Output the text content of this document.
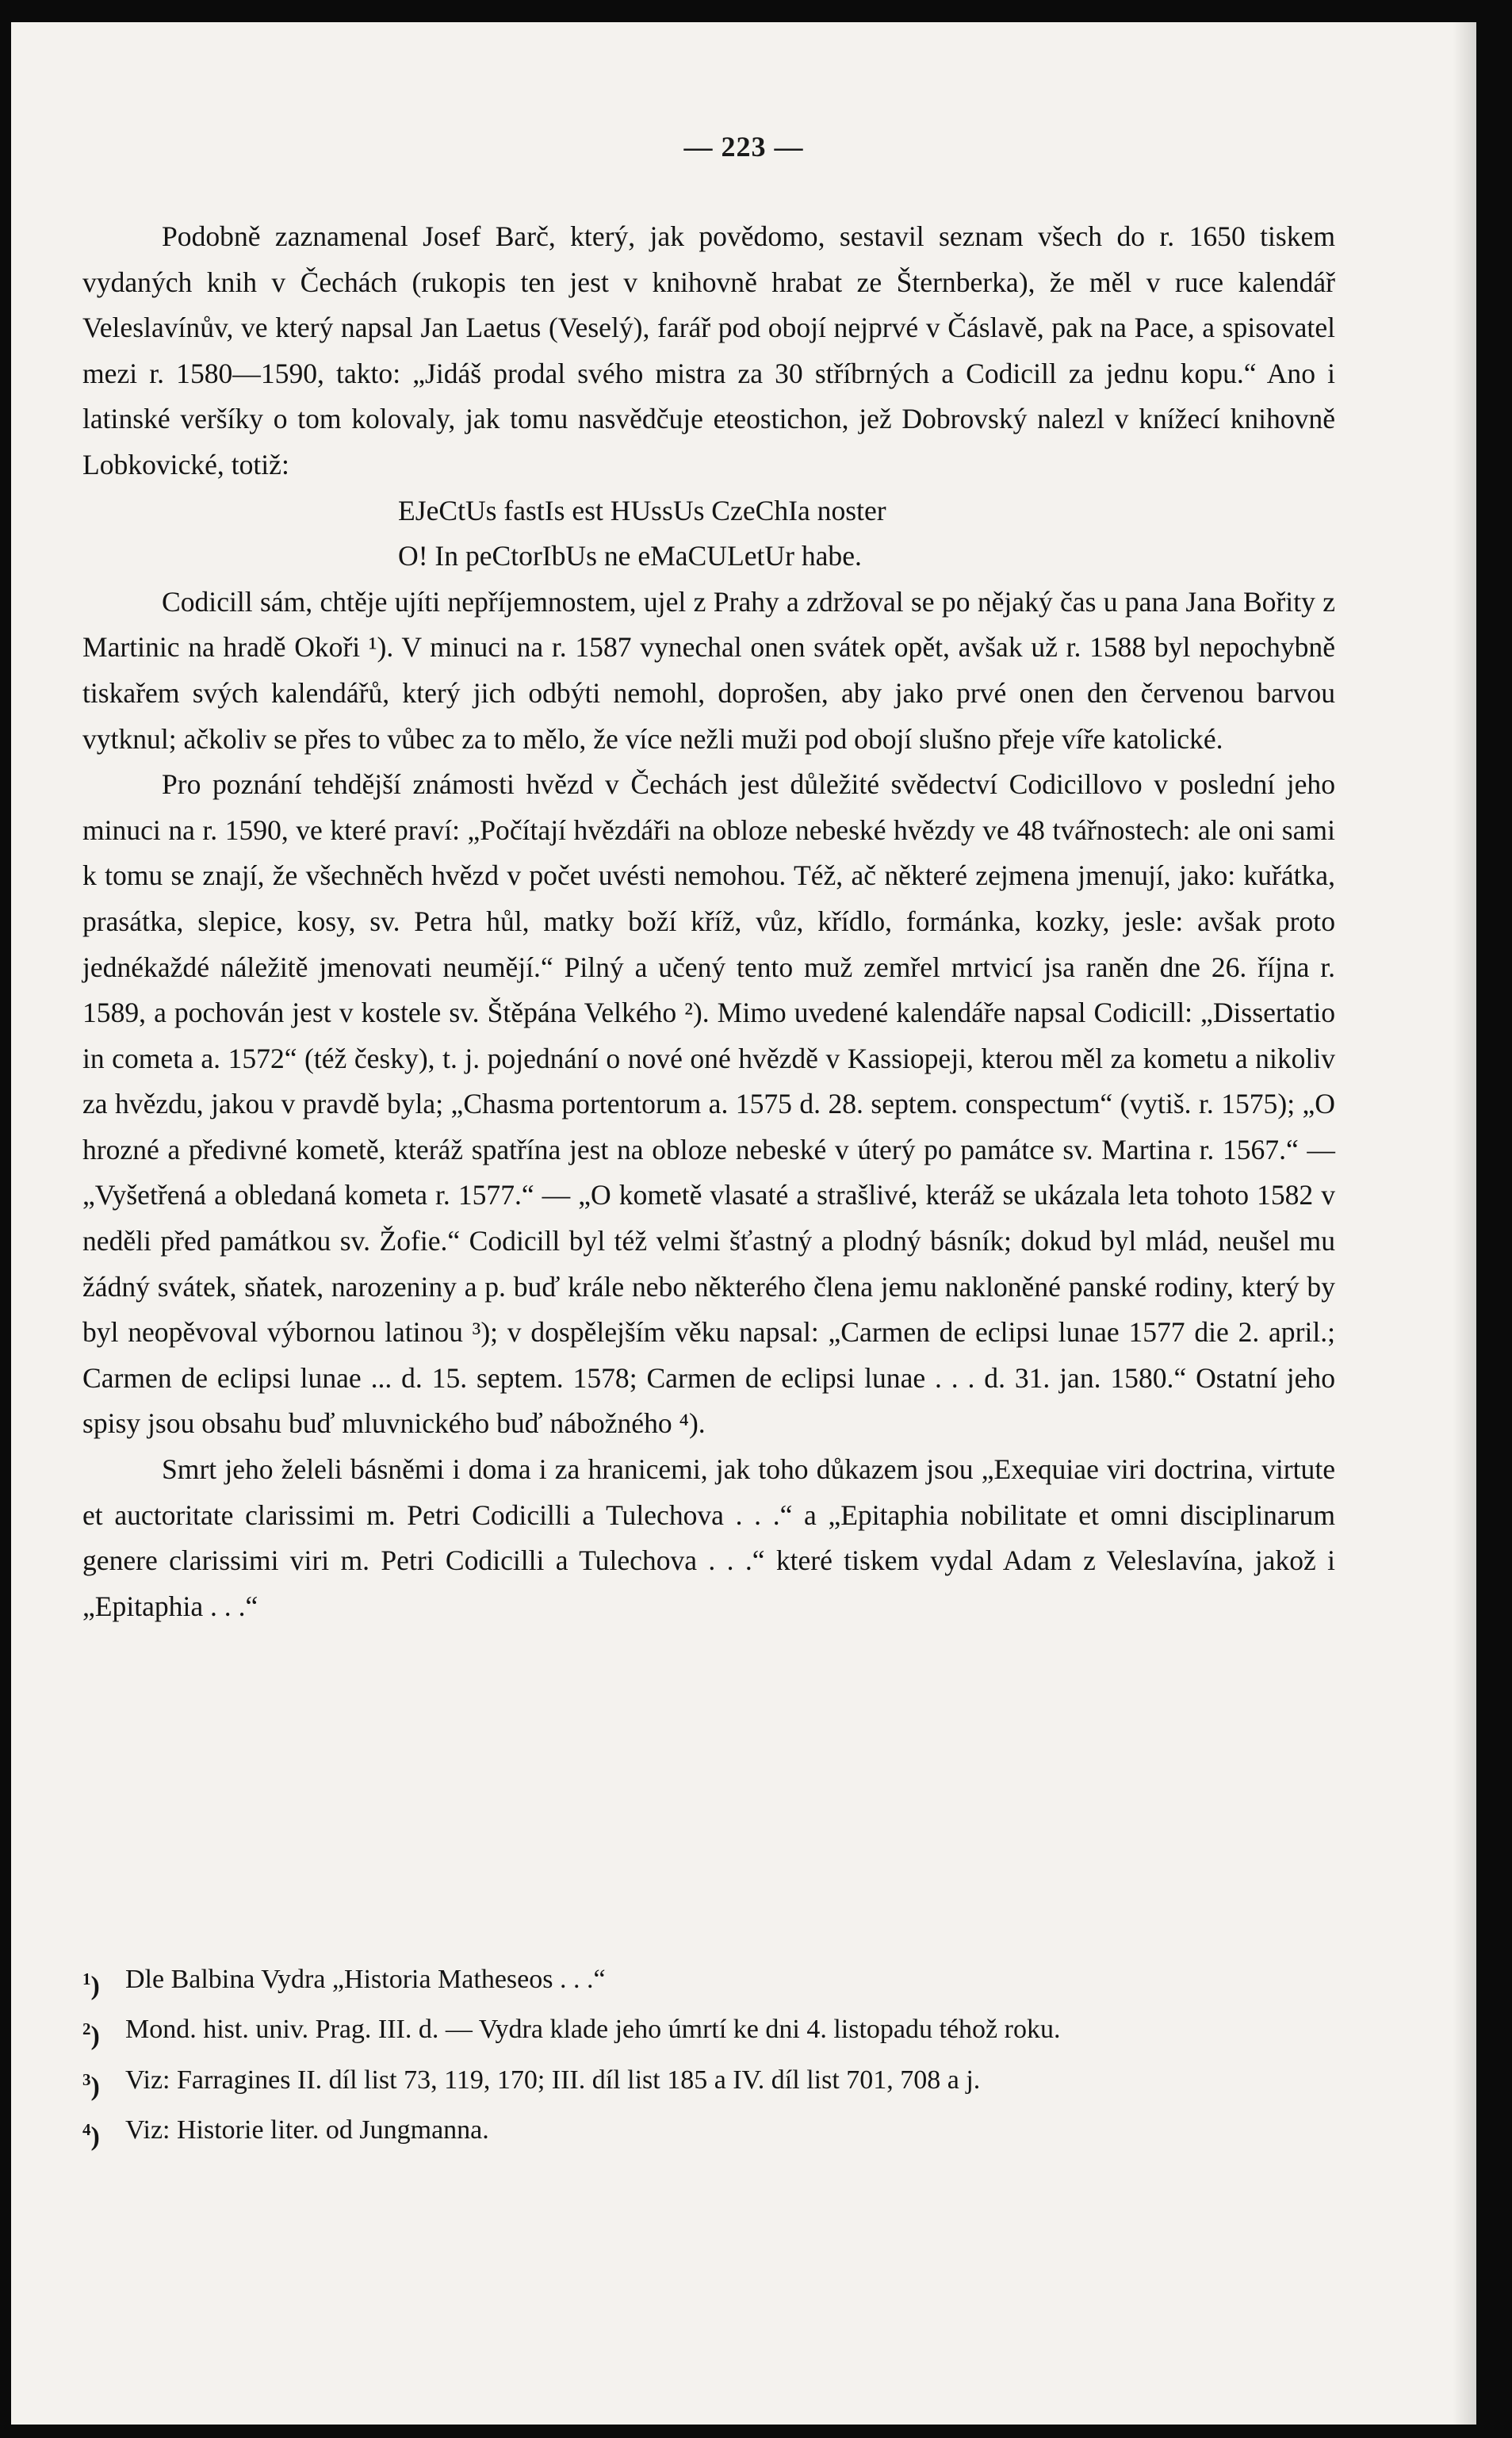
— 223 —

Podobně zaznamenal Josef Barč, který, jak povědomo, sestavil seznam všech do r. 1650 tiskem vydaných knih v Čechách (rukopis ten jest v knihovně hrabat ze Šternberka), že měl v ruce kalendář Veleslavínův, ve který napsal Jan Laetus (Veselý), farář pod obojí nejprvé v Čáslavě, pak na Pace, a spisovatel mezi r. 1580—1590, takto: „Jidáš prodal svého mistra za 30 stříbrných a Codicill za jednu kopu.“ Ano i latinské veršíky o tom kolovaly, jak tomu nasvědčuje eteostichon, jež Dobrovský nalezl v knížecí knihovně Lobkovické, totiž:

EJeCtUs fastIs est HUssUs CzeChIa noster

O! In peCtorIbUs ne eMaCULetUr habe.

Codicill sám, chtěje ujíti nepříjemnostem, ujel z Prahy a zdržoval se po nějaký čas u pana Jana Bořity z Martinic na hradě Okoři ¹). V minuci na r. 1587 vynechal onen svátek opět, avšak už r. 1588 byl nepochybně tiskařem svých kalendářů, který jich odbýti nemohl, doprošen, aby jako prvé onen den červenou barvou vytknul; ačkoliv se přes to vůbec za to mělo, že více nežli muži pod obojí slušno přeje víře katolické.

Pro poznání tehdější známosti hvězd v Čechách jest důležité svědectví Codicillovo v poslední jeho minuci na r. 1590, ve které praví: „Počítají hvězdáři na obloze nebeské hvězdy ve 48 tvářnostech: ale oni sami k tomu se znají, že všechněch hvězd v počet uvésti nemohou. Též, ač některé zejmena jmenují, jako: kuřátka, prasátka, slepice, kosy, sv. Petra hůl, matky boží kříž, vůz, křídlo, formánka, kozky, jesle: avšak proto jednékaždé náležitě jmenovati neumějí.“ Pilný a učený tento muž zemřel mrtvicí jsa raněn dne 26. října r. 1589, a pochován jest v kostele sv. Štěpána Velkého ²). Mimo uvedené kalendáře napsal Codicill: „Dissertatio in cometa a. 1572“ (též česky), t. j. pojednání o nové oné hvězdě v Kassiopeji, kterou měl za kometu a nikoliv za hvězdu, jakou v pravdě byla; „Chasma portentorum a. 1575 d. 28. septem. conspectum“ (vytiš. r. 1575); „O hrozné a předivné kometě, kteráž spatřína jest na obloze nebeské v úterý po památce sv. Martina r. 1567.“ — „Vyšetřená a obledaná kometa r. 1577.“ — „O kometě vlasaté a strašlivé, kteráž se ukázala leta tohoto 1582 v neděli před památkou sv. Žofie.“ Codicill byl též velmi šťastný a plodný básník; dokud byl mlád, neušel mu žádný svátek, sňatek, narozeniny a p. buď krále nebo některého člena jemu nakloněné panské rodiny, který by byl neopěvoval výbornou latinou ³); v dospělejším věku napsal: „Carmen de eclipsi lunae 1577 die 2. april.; Carmen de eclipsi lunae ... d. 15. septem. 1578; Carmen de eclipsi lunae . . . d. 31. jan. 1580.“ Ostatní jeho spisy jsou obsahu buď mluvnického buď nábožného ⁴).

Smrt jeho želeli básněmi i doma i za hranicemi, jak toho důkazem jsou „Exequiae viri doctrina, virtute et auctoritate clarissimi m. Petri Codicilli a Tulechova . . .“ a „Epitaphia nobilitate et omni disciplinarum genere clarissimi viri m. Petri Codicilli a Tulechova . . .“ které tiskem vydal Adam z Veleslavína, jakož i „Epitaphia . . .“

$^1$) Dle Balbina Vydra „Historia Matheseos . . .“
$^2$) Mond. hist. univ. Prag. III. d. — Vydra klade jeho úmrtí ke dni 4. listopadu téhož roku.
$^3$) Viz: Farragines II. díl list 73, 119, 170; III. díl list 185 a IV. díl list 701, 708 a j.
$^4$) Viz: Historie liter. od Jungmanna.
